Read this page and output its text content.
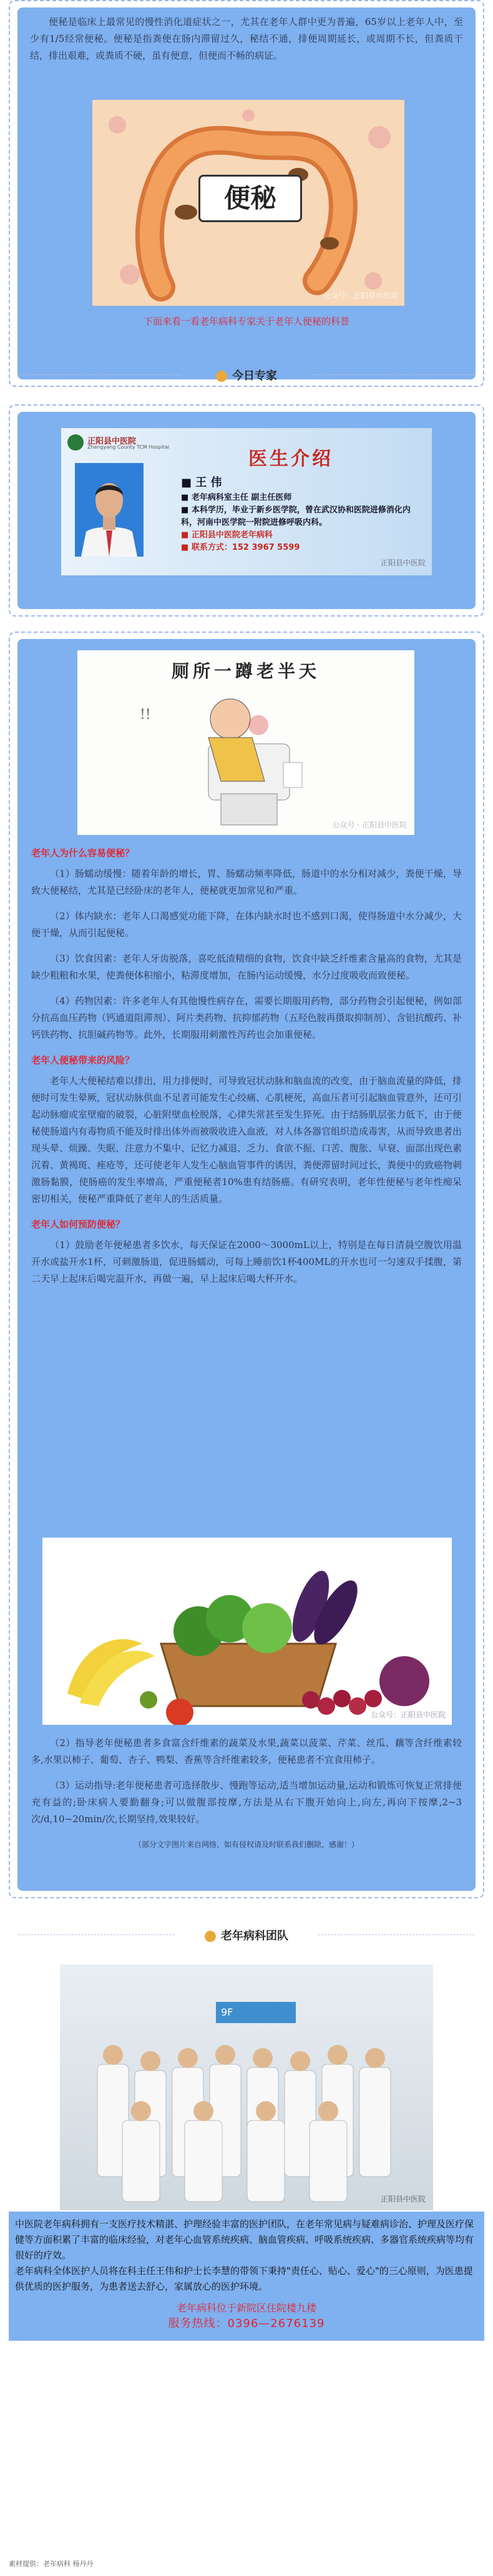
便秘是临床上最常见的慢性消化道症状之一，尤其在老年人群中更为普遍，65岁以上老年人中，至少有1/5经常便秘。便秘是指粪便在肠内滞留过久，秘结不通，排便周期延长，或周期不长，但粪质干结，排出艰难，或粪质不硬，虽有便意，但便而不畅的病证。
便秘
公众号：正阳县中医院
下面来看一看老年病科专家关于老年人便秘的科普
今日专家
正阳县中医院
Zhengyang County TCM Hospital
医生介绍
■ 王 伟
■ 老年病科室主任 副主任医师
■ 本科学历，毕业于新乡医学院，曾在武汉协和医院进修消化内科，河南中医学院一附院进修呼吸内科。
■ 正阳县中医院老年病科
■ 联系方式：152 3967 5599
正阳县中医院
厕所一蹲老半天
!!
公众号 · 正阳县中医院
老年人为什么容易便秘？

（1）肠蠕动缓慢：随着年龄的增长，胃、肠蠕动频率降低，肠道中的水分相对减少，粪便干燥，导致大便秘结，尤其是已经卧床的老年人，便秘就更加常见和严重。

（2）体内缺水：老年人口渴感觉功能下降，在体内缺水时也不感到口渴，使得肠道中水分减少，大便干燥，从而引起便秘。

（3）饮食因素：老年人牙齿脱落，喜吃低渣精细的食物，饮食中缺乏纤维素含量高的食物，尤其是缺少粗粮和水果，使粪便体积缩小，粘滞度增加，在肠内运动缓慢，水分过度吸收而致便秘。

（4）药物因素：许多老年人有其他慢性病存在，需要长期服用药物，部分药物会引起便秘，例如部分抗高血压药物（钙通道阻滞剂）、阿片类药物、抗抑郁药物（五羟色胺再摄取抑制剂）、含铝抗酸药、补钙铁药物、抗胆碱药物等。此外，长期服用刺激性泻药也会加重便秘。

老年人便秘带来的风险？

老年人大便秘结难以排出，用力排便时，可导致冠状动脉和脑血流的改变，由于脑血流量的降低，排便时可发生晕厥，冠状动脉供血不足者可能发生心绞痛、心肌梗死，高血压者可引起脑血管意外，还可引起动脉瘤或室壁瘤的破裂，心脏附壁血栓脱落，心律失常甚至发生猝死。由于结肠肌层张力低下，由于便秘使肠道内有毒物质不能及时排出体外而被吸收进入血液，对人体各器官组织造成毒害，从而导致患者出现头晕、烦躁、失眠、注意力不集中、记忆力减退、乏力、食欲不振、口苦、腹胀、早衰、面部出现色素沉着、黄褐斑、痤疮等，还可使老年人发生心脑血管事件的诱因，粪便滞留时间过长，粪便中的致癌物刺激肠黏膜，使肠癌的发生率增高，严重便秘者10%患有结肠癌。有研究表明，老年性便秘与老年性痴呆密切相关，便秘严重降低了老年人的生活质量。

老年人如何预防便秘？

（1）鼓励老年便秘患者多饮水，每天保证在2000～3000mL以上，特别是在每日清晨空腹饮用温开水或盐开水1杯，可刺激肠道，促进肠蠕动，可每上睡前饮1杯400ML的开水也可一匀速双手揉腹，第二天早上起床后喝完温开水，再做一遍，早上起床后喝大杯开水。

公众号：正阳县中医院

（2）指导老年便秘患者多食富含纤维素的蔬菜及水果,蔬菜以菠菜、芹菜、丝瓜、藕等含纤维素较多,水果以柿子、葡萄、杏子、鸭梨、香蕉等含纤维素较多，便秘患者不宜食用柿子。

（3）运动指导:老年便秘患者可选择散步、慢跑等运动,适当增加运动量,运动和锻炼可恢复正常排便充有益的;卧床病人要勤翻身;可以做腹部按摩,方法是从右下腹开始向上,向左,再向下按摩,2~3次/d,10~20min/次,长期坚持,效果较好。

（部分文字图片来自网络，如有侵权请及时联系我们删除，感谢！）
老年病科团队
9F
正阳县中医院

中医院老年病科拥有一支医疗技术精湛、护理经验丰富的医护团队，在老年常见病与疑难病诊治、护理及医疗保健等方面积累了丰富的临床经验，对老年心血管系统疾病、脑血管疾病、呼吸系统疾病、多器官系统疾病等均有很好的疗效。

老年病科全体医护人员将在科主任王伟和护士长李慧的带领下秉持"责任心、贴心、爱心"的三心原则，为医患提供优质的医护服务，为患者送去舒心，家属放心的医护环境。

老年病科位于新院区住院楼九楼
服务热线：0396—2676139
素材提供：老年病科 杨丹丹
